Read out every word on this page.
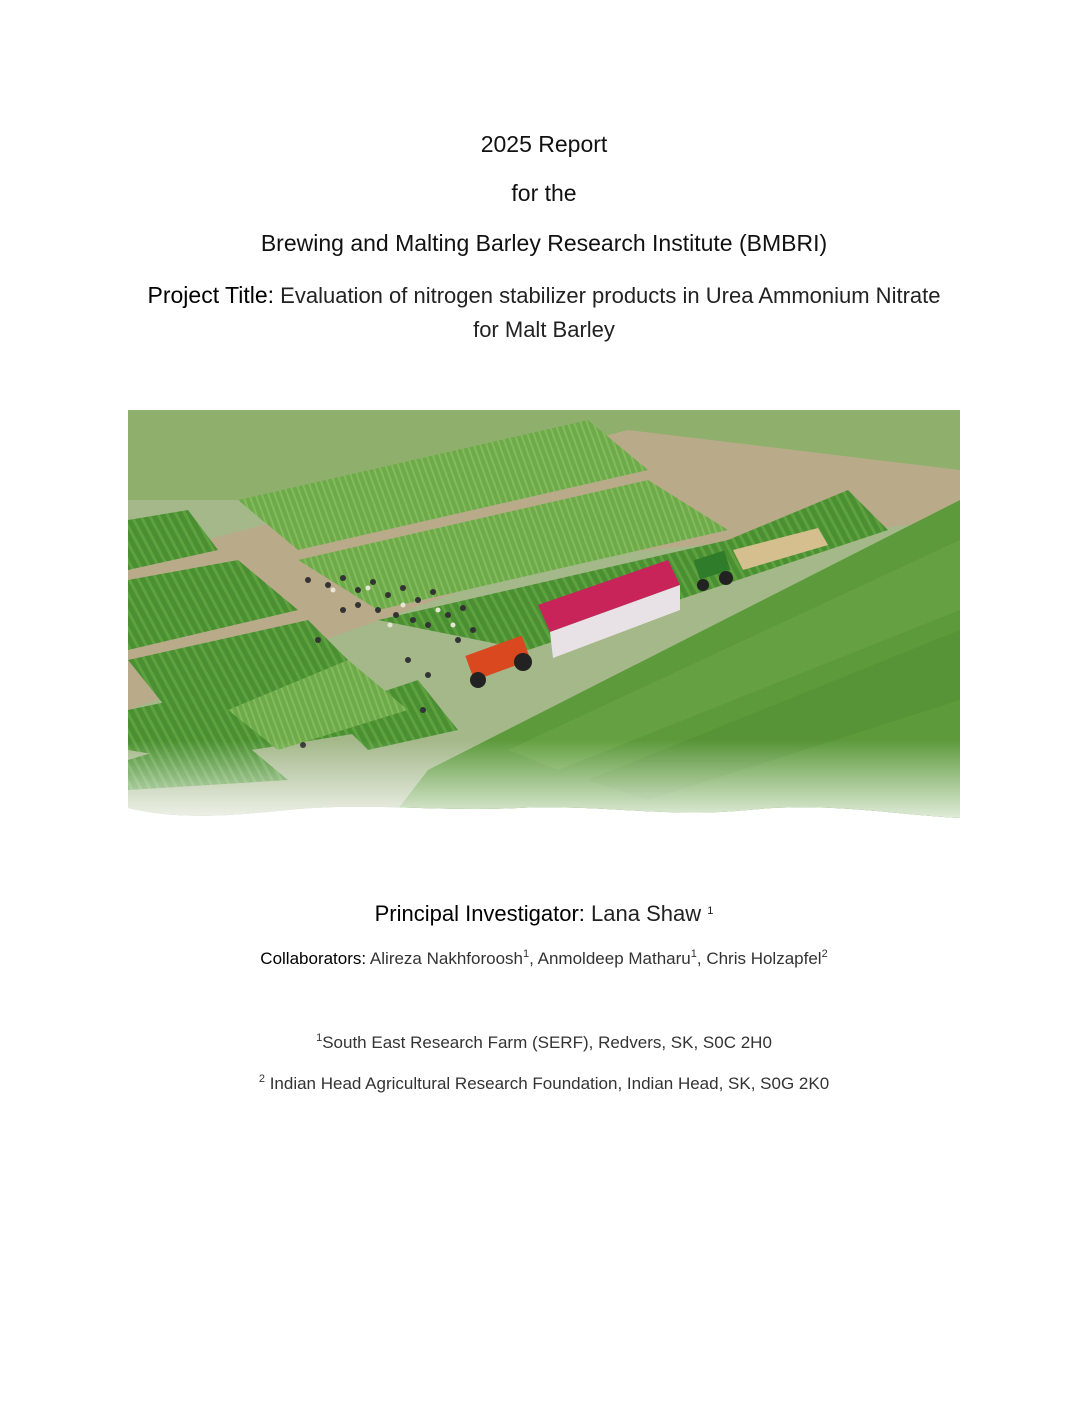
2025 Report
for the
Brewing and Malting Barley Research Institute (BMBRI)
Project Title: Evaluation of nitrogen stabilizer products in Urea Ammonium Nitrate
for Malt Barley
Principal Investigator: Lana Shaw $^1$
Collaborators: Alireza Nakhforoosh$^1$, Anmoldeep Matharu$^1$, Chris Holzapfel$^2$
$^1$South East Research Farm (SERF), Redvers, SK, S0C 2H0
$^2$ Indian Head Agricultural Research Foundation, Indian Head, SK, S0G 2K0
